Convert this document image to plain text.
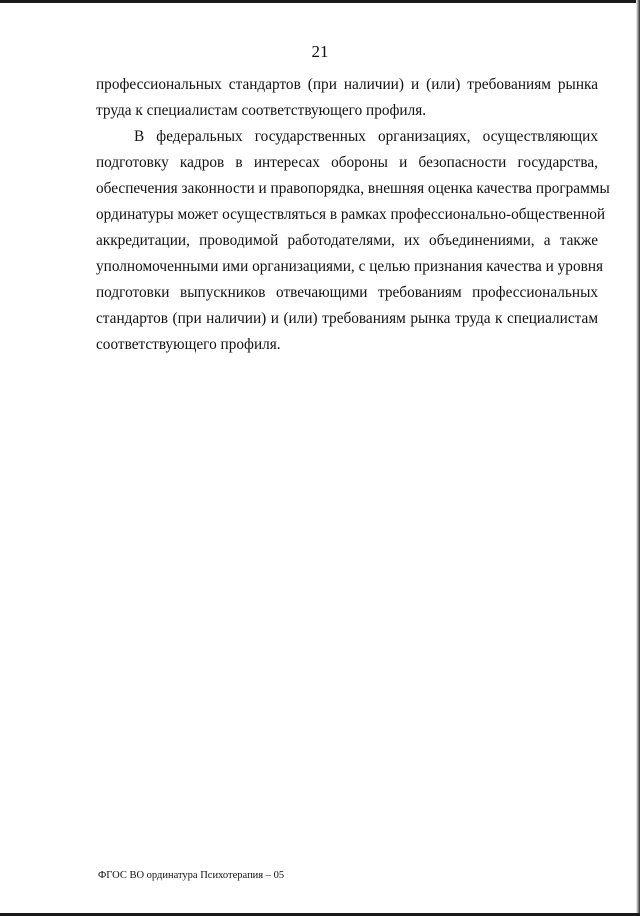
21
профессиональных стандартов (при наличии) и (или) требованиям рынка
труда к специалистам соответствующего профиля.
В федеральных государственных организациях, осуществляющих
подготовку кадров в интересах обороны и безопасности государства,
обеспечения законности и правопорядка, внешняя оценка качества программы
ординатуры может осуществляться в рамках профессионально-общественной
аккредитации, проводимой работодателями, их объединениями, а также
уполномоченными ими организациями, с целью признания качества и уровня
подготовки выпускников отвечающими требованиям профессиональных
стандартов (при наличии) и (или) требованиям рынка труда к специалистам
соответствующего профиля.
ФГОС ВО ординатура Психотерапия – 05
